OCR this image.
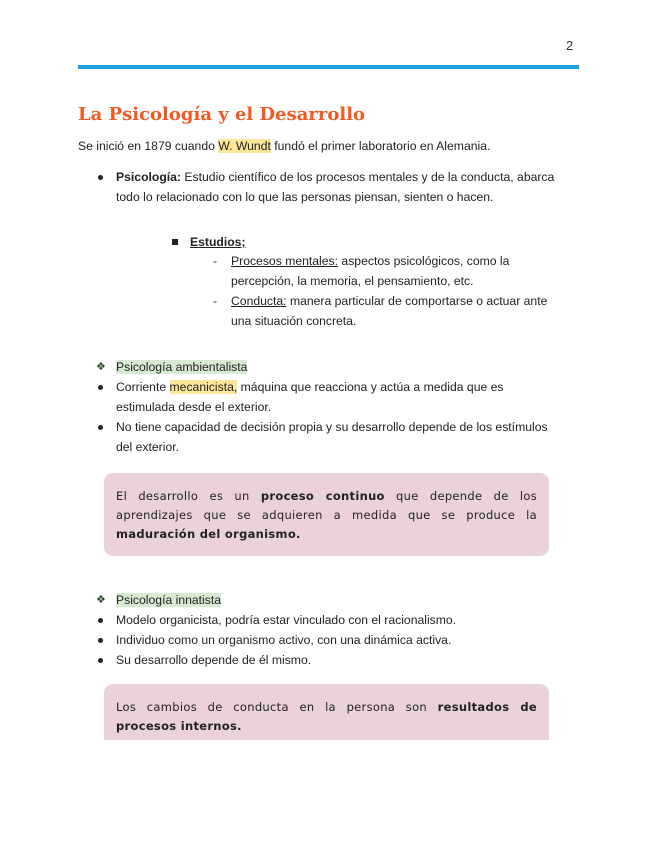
2
La Psicología y el Desarrollo
Se inició en 1879 cuando W. Wundt fundó el primer laboratorio en Alemania.
Psicología: Estudio científico de los procesos mentales y de la conducta, abarca
todo lo relacionado con lo que las personas piensan, sienten o hacen.
Estudios;
- Procesos mentales: aspectos psicológicos, como la
percepción, la memoria, el pensamiento, etc.
- Conducta: manera particular de comportarse o actuar ante
una situación concreta.
❖ Psicología ambientalista
Corriente mecanicista, máquina que reacciona y actúa a medida que es
estimulada desde el exterior.
No tiene capacidad de decisión propia y su desarrollo depende de los estímulos
del exterior.
El desarrollo es un proceso continuo que depende de los aprendizajes que se adquieren a medida que se produce la maduración del organismo.
❖ Psicología innatista
Modelo organicista, podría estar vinculado con el racionalismo.
Individuo como un organismo activo, con una dinámica activa.
Su desarrollo depende de él mismo.
Los cambios de conducta en la persona son resultados de procesos internos.
